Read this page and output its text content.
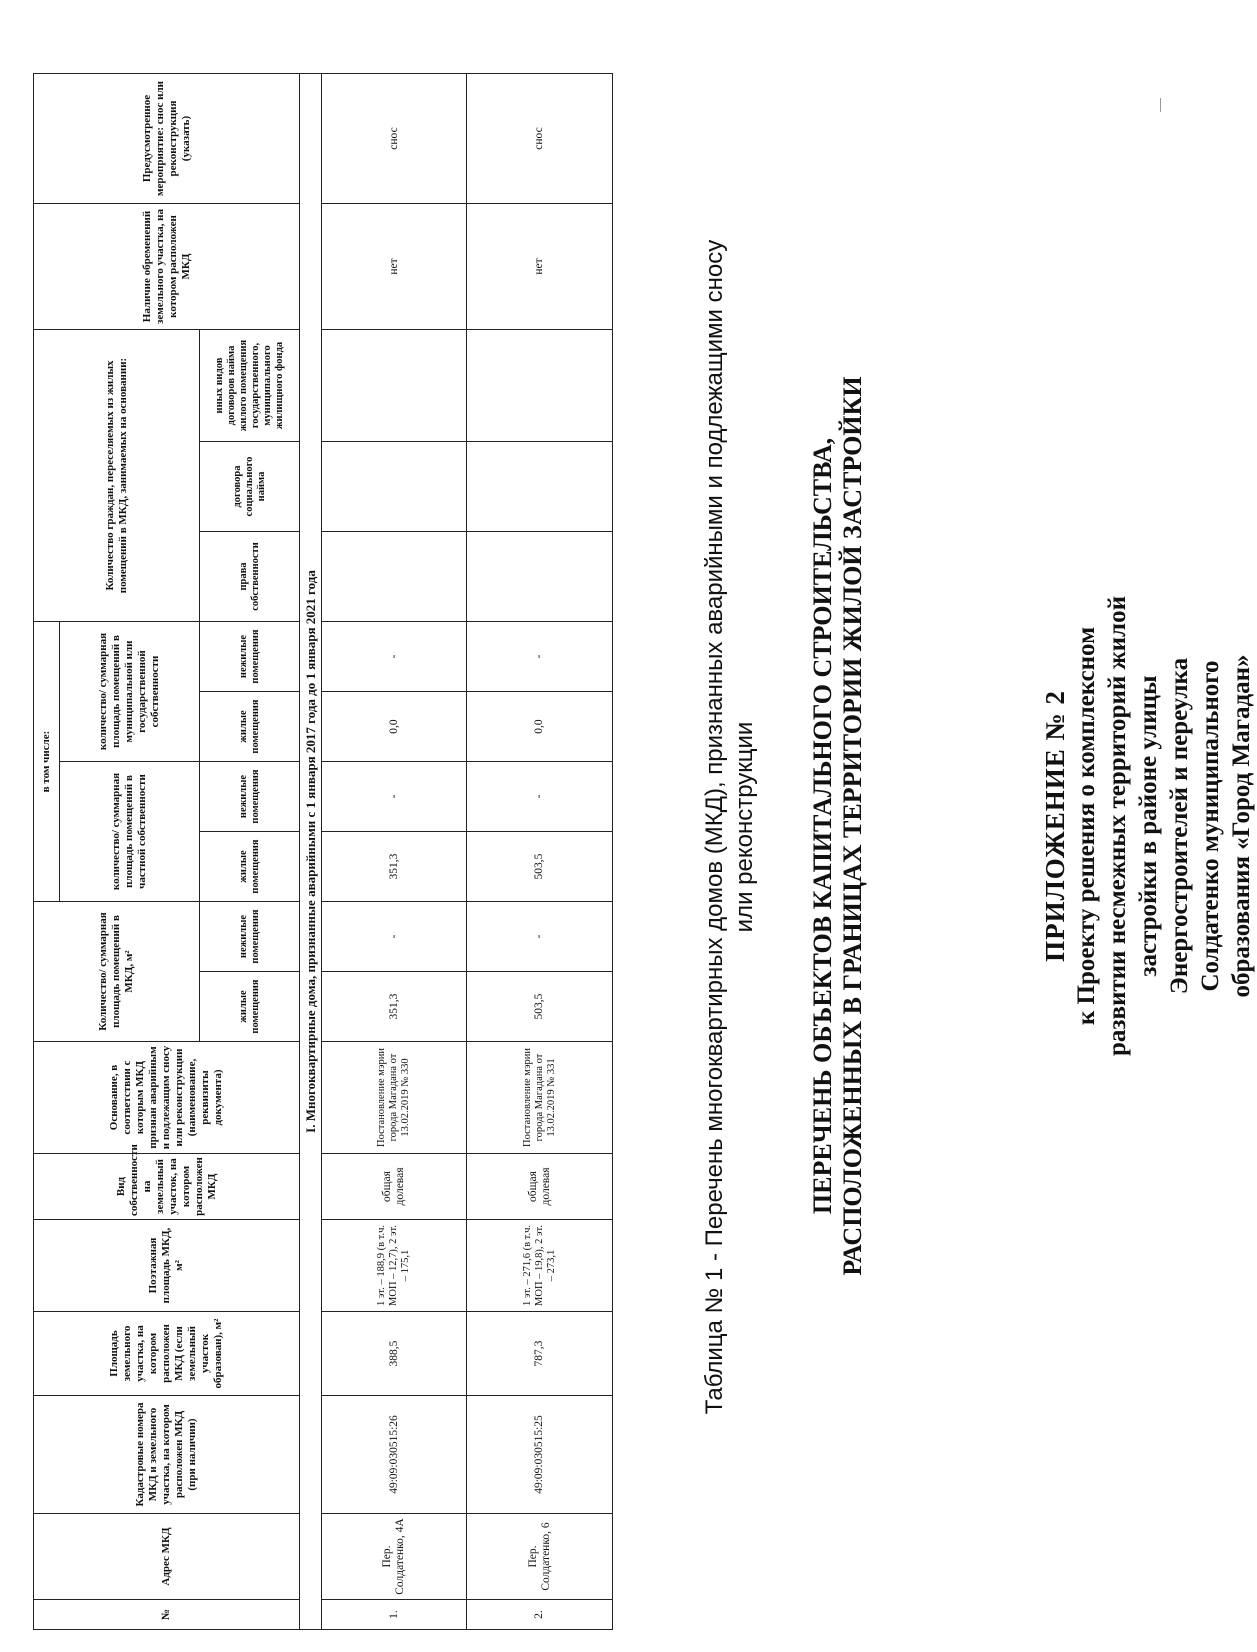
ПРИЛОЖЕНИЕ № 2 к Проекту решения о комплексном развитии несмежных территорий жилой застройки в районе улицы Энергостроителей и переулка Солдатенко муниципального образования «Город Магадан»
ПЕРЕЧЕНЬ ОБЪЕКТОВ КАПИТАЛЬНОГО СТРОИТЕЛЬСТВА, РАСПОЛОЖЕННЫХ В ГРАНИЦАХ ТЕРРИТОРИИ ЖИЛОЙ ЗАСТРОЙКИ
Таблица № 1 - Перечень многоквартирных домов (МКД), признанных аварийными и подлежащими сносу или реконструкции
№	Адрес МКД	Кадастровые номера МКД и земельного участка, на котором расположен МКД (при наличии)	Площадь земельного участка, на котором расположен МКД (если земельный участок образован), м²	Поэтажная площадь МКД, м²	Вид собственности на земельный участок, на котором расположен МКД	Основание, в соответствии с которым МКД признан аварийным и подлежащим сносу или реконструкции (наименование, реквизиты документа)	Количество/ суммарная площадь помещений в МКД, м²		в том числе:				Количество граждан, переселяемых из жилых помещений в МКД, занимаемых на основании:			Наличие обременений земельного участка, на котором расположен МКД	Предусмотренное мероприятие: снос или реконструкция (указать)
									количество/ суммарная площадь помещений в частной собственности		количество/ суммарная площадь помещений в муниципальной или государственной собственности						
							жилые помещения	нежилые помещения	жилые помещения	нежилые помещения	жилые помещения	нежилые помещения	права собственности	договора социального найма	иных видов договоров найма жилого помещения государственного, муниципального жилищного фонда		
I. Многоквартирные дома, признанные аварийными с 1 января 2017 года до 1 января 2021 года																	
1.	Пер. Солдатенко, 4А	49:09:030515:26	388,5	1 эт. – 188,9 (в т.ч. МОП – 12,7), 2 эт. – 175,1	общая долевая	Постановление мэрии города Магадана от 13.02.2019 № 330	351,3	-	351,3	-	0,0	-				нет	снос
2.	Пер. Солдатенко, 6	49:09:030515:25	787,3	1 эт. – 271,6 (в т.ч. МОП – 19,8), 2 эт. – 273,1	общая долевая	Постановление мэрии города Магадана от 13.02.2019 № 331	503,5	-	503,5	-	0,0	-				нет	снос
